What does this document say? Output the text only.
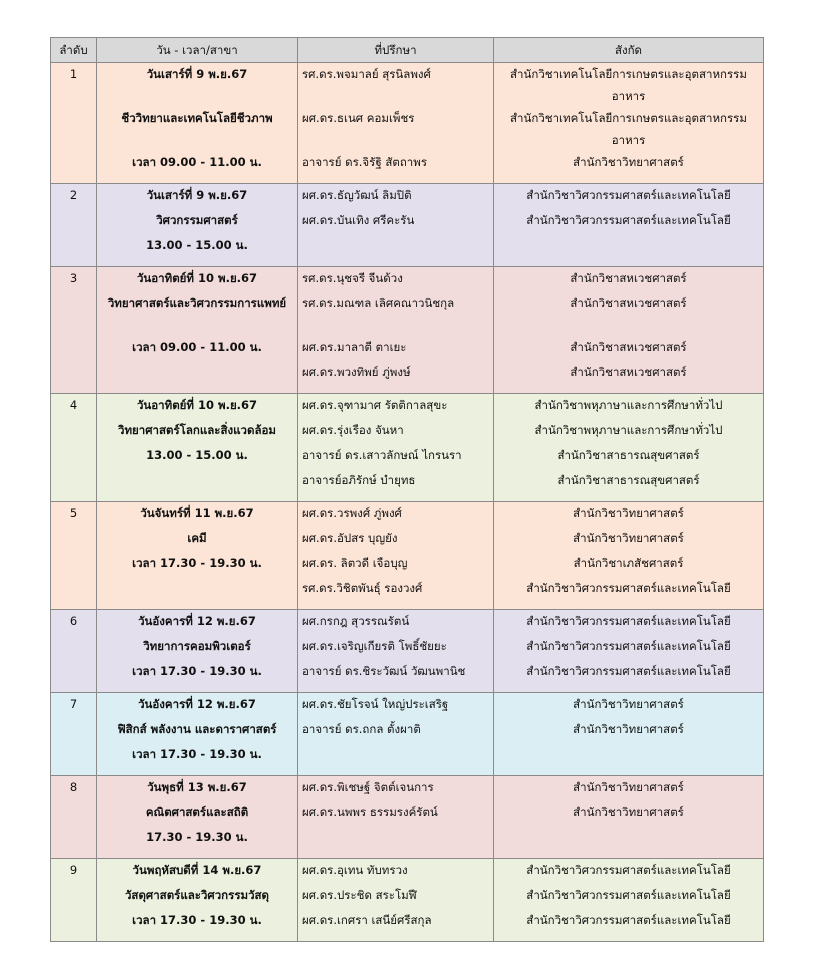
ลำดับ	วัน - เวลา/สาขา	ที่ปรึกษา	สังกัด
1	วันเสาร์ที่ 9 พ.ย.67	รศ.ดร.พจมาลย์ สุรนิลพงศ์	สำนักวิชาเทคโนโลยีการเกษตรและอุตสาหกรรมอาหาร
	ชีววิทยาและเทคโนโลยีชีวภาพ	ผศ.ดร.ธเนศ คอมเพ็ชร	สำนักวิชาเทคโนโลยีการเกษตรและอุตสาหกรรมอาหาร
	เวลา 09.00 - 11.00 น.	อาจารย์ ดร.จิรัฐิ สัตถาพร	สำนักวิชาวิทยาศาสตร์

2	วันเสาร์ที่ 9 พ.ย.67	ผศ.ดร.ธัญวัฒน์ ลิมปิติ	สำนักวิชาวิศวกรรมศาสตร์และเทคโนโลยี
	วิศวกรรมศาสตร์	ผศ.ดร.บันเทิง ศรีคะรัน	สำนักวิชาวิศวกรรมศาสตร์และเทคโนโลยี
	13.00 - 15.00 น.		

3	วันอาทิตย์ที่ 10 พ.ย.67	รศ.ดร.นุชจรี จีนด้วง	สำนักวิชาสหเวชศาสตร์
	วิทยาศาสตร์และวิศวกรรมการแพทย์	รศ.ดร.มณฑล เลิศคณาวนิชกุล	สำนักวิชาสหเวชศาสตร์
	เวลา 09.00 - 11.00 น.	ผศ.ดร.มาลาตี ตาเยะ	สำนักวิชาสหเวชศาสตร์
		ผศ.ดร.พวงทิพย์ ภู่พงษ์	สำนักวิชาสหเวชศาสตร์

4	วันอาทิตย์ที่ 10 พ.ย.67	ผศ.ดร.จุฑามาศ รัตติกาลสุขะ	สำนักวิชาพหุภาษาและการศึกษาทั่วไป
	วิทยาศาสตร์โลกและสิ่งแวดล้อม	ผศ.ดร.รุ่งเรือง จันหา	สำนักวิชาพหุภาษาและการศึกษาทั่วไป
	13.00 - 15.00 น.	อาจารย์ ดร.เสาวลักษณ์ ไกรนรา	สำนักวิชาสาธารณสุขศาสตร์
		อาจารย์อภิรักษ์ บำยุทธ	สำนักวิชาสาธารณสุขศาสตร์

5	วันจันทร์ที่ 11 พ.ย.67	ผศ.ดร.วรพงศ์ ภู่พงศ์	สำนักวิชาวิทยาศาสตร์
	เคมี	ผศ.ดร.อัปสร บุญยัง	สำนักวิชาวิทยาศาสตร์
	เวลา 17.30 - 19.30 น.	ผศ.ดร. ลิตวดี เจือบุญ	สำนักวิชาเภสัชศาสตร์
		รศ.ดร.วิชิตพันธุ์ รองวงศ์	สำนักวิชาวิศวกรรมศาสตร์และเทคโนโลยี

6	วันอังคารที่ 12 พ.ย.67	ผศ.กรกฎ สุวรรณรัตน์	สำนักวิชาวิศวกรรมศาสตร์และเทคโนโลยี
	วิทยาการคอมพิวเตอร์	ผศ.ดร.เจริญเกียรติ โพธิ์ชัยยะ	สำนักวิชาวิศวกรรมศาสตร์และเทคโนโลยี
	เวลา 17.30 - 19.30 น.	อาจารย์ ดร.ชิระวัฒน์ วัฒนพานิช	สำนักวิชาวิศวกรรมศาสตร์และเทคโนโลยี

7	วันอังคารที่ 12 พ.ย.67	ผศ.ดร.ชัยโรจน์ ใหญ่ประเสริฐ	สำนักวิชาวิทยาศาสตร์
	ฟิสิกส์ พลังงาน และดาราศาสตร์	อาจารย์ ดร.ถกล ตั้งผาติ	สำนักวิชาวิทยาศาสตร์
	เวลา 17.30 - 19.30 น.		

8	วันพุธที่ 13 พ.ย.67	ผศ.ดร.พิเชษฐ์ จิตต์เจนการ	สำนักวิชาวิทยาศาสตร์
	คณิตศาสตร์และสถิติ	ผศ.ดร.นพพร ธรรมรงค์รัตน์	สำนักวิชาวิทยาศาสตร์
	17.30 - 19.30 น.		

9	วันพฤหัสบดีที่ 14 พ.ย.67	ผศ.ดร.อุเทน ทับทรวง	สำนักวิชาวิศวกรรมศาสตร์และเทคโนโลยี
	วัสดุศาสตร์และวิศวกรรมวัสดุ	ผศ.ดร.ประชิด สระโมฬี	สำนักวิชาวิศวกรรมศาสตร์และเทคโนโลยี
	เวลา 17.30 - 19.30 น.	ผศ.ดร.เกศรา เสนีย์ศรีสกุล	สำนักวิชาวิศวกรรมศาสตร์และเทคโนโลยี
